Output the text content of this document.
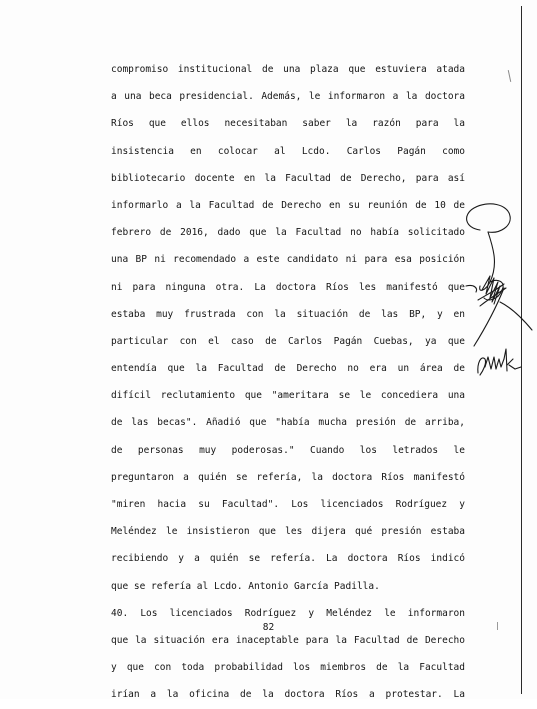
compromiso institucional de una plaza que estuviera atada
a una beca presidencial. Además, le informaron a la doctora
Ríos que ellos necesitaban saber la razón para la
insistencia en colocar al Lcdo. Carlos Pagán como
bibliotecario docente en la Facultad de Derecho, para así
informarlo a la Facultad de Derecho en su reunión de 10 de
febrero de 2016, dado que la Facultad no había solicitado
una BP ni recomendado a este candidato ni para esa posición
ni para ninguna otra. La doctora Ríos les manifestó que
estaba muy frustrada con la situación de las BP, y en
particular con el caso de Carlos Pagán Cuebas, ya que
entendía que la Facultad de Derecho no era un área de
difícil reclutamiento que "ameritara se le concediera una
de las becas". Añadió que "había mucha presión de arriba,
de personas muy poderosas." Cuando los letrados le
preguntaron a quién se refería, la doctora Ríos manifestó
"miren hacia su Facultad". Los licenciados Rodríguez y
Meléndez le insistieron que les dijera qué presión estaba
recibiendo y a quién se refería. La doctora Ríos indicó
que se refería al Lcdo. Antonio García Padilla.
40. Los licenciados Rodríguez y Meléndez le informaron
que la situación era inaceptable para la Facultad de Derecho
y que con toda probabilidad los miembros de la Facultad
irían a la oficina de la doctora Ríos a protestar. La
82
